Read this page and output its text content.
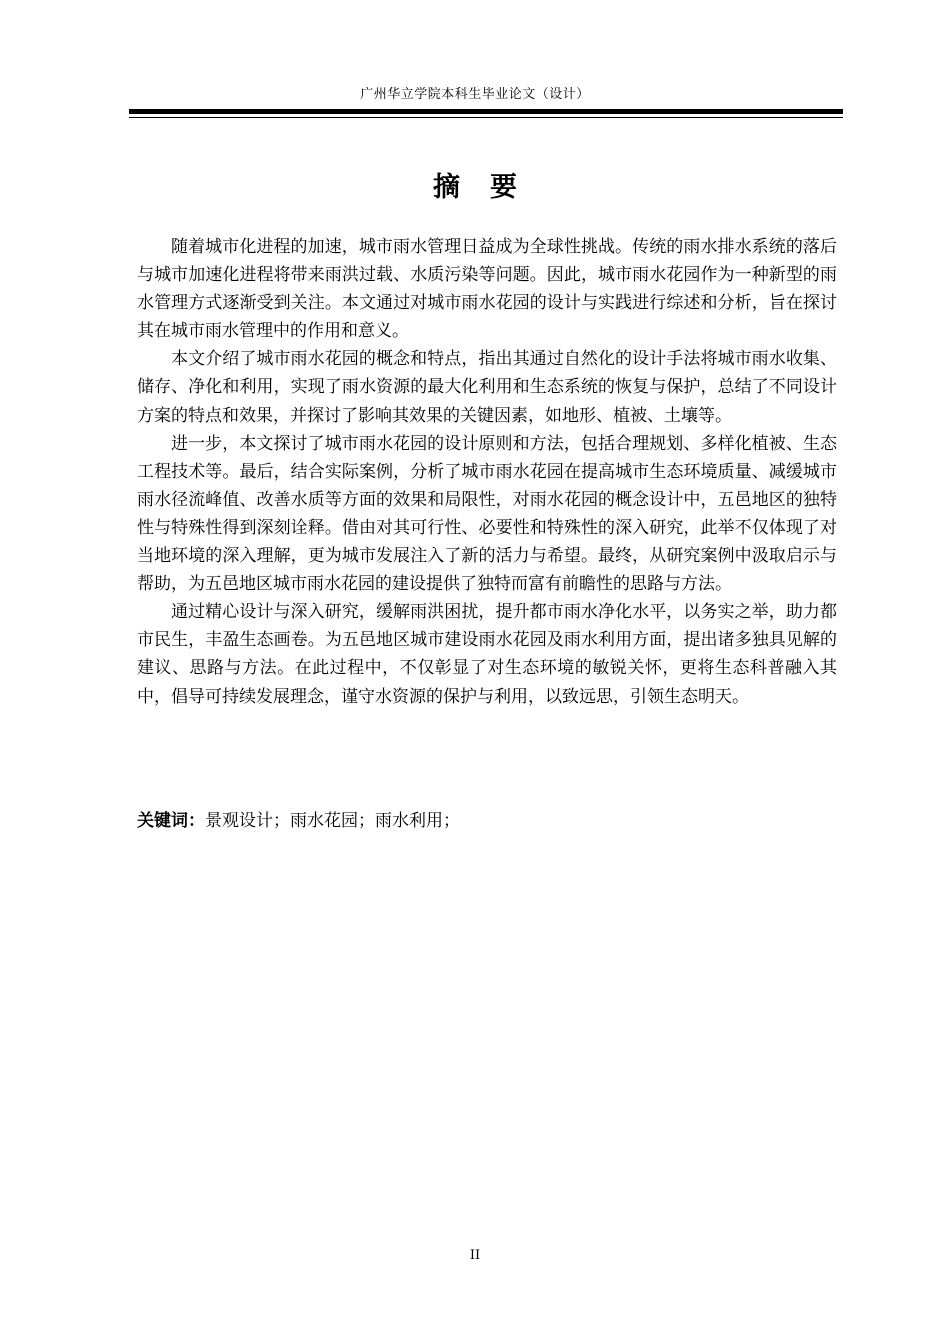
广州华立学院本科生毕业论文（设计）
摘要

随着城市化进程的加速，城市雨水管理日益成为全球性挑战。传统的雨水排水系统的落后与城市加速化进程将带来雨洪过载、水质污染等问题。因此，城市雨水花园作为一种新型的雨水管理方式逐渐受到关注。本文通过对城市雨水花园的设计与实践进行综述和分析，旨在探讨其在城市雨水管理中的作用和意义。

本文介绍了城市雨水花园的概念和特点，指出其通过自然化的设计手法将城市雨水收集、储存、净化和利用，实现了雨水资源的最大化利用和生态系统的恢复与保护，总结了不同设计方案的特点和效果，并探讨了影响其效果的关键因素，如地形、植被、土壤等。

进一步，本文探讨了城市雨水花园的设计原则和方法，包括合理规划、多样化植被、生态工程技术等。最后，结合实际案例，分析了城市雨水花园在提高城市生态环境质量、减缓城市雨水径流峰值、改善水质等方面的效果和局限性，对雨水花园的概念设计中，五邑地区的独特性与特殊性得到深刻诠释。借由对其可行性、必要性和特殊性的深入研究，此举不仅体现了对当地环境的深入理解，更为城市发展注入了新的活力与希望。最终，从研究案例中汲取启示与帮助，为五邑地区城市雨水花园的建设提供了独特而富有前瞻性的思路与方法。

通过精心设计与深入研究，缓解雨洪困扰，提升都市雨水净化水平，以务实之举，助力都市民生，丰盈生态画卷。为五邑地区城市建设雨水花园及雨水利用方面，提出诸多独具见解的建议、思路与方法。在此过程中，不仅彰显了对生态环境的敏锐关怀，更将生态科普融入其中，倡导可持续发展理念，谨守水资源的保护与利用，以致远思，引领生态明天。

关键词：景观设计；雨水花园；雨水利用；
II
